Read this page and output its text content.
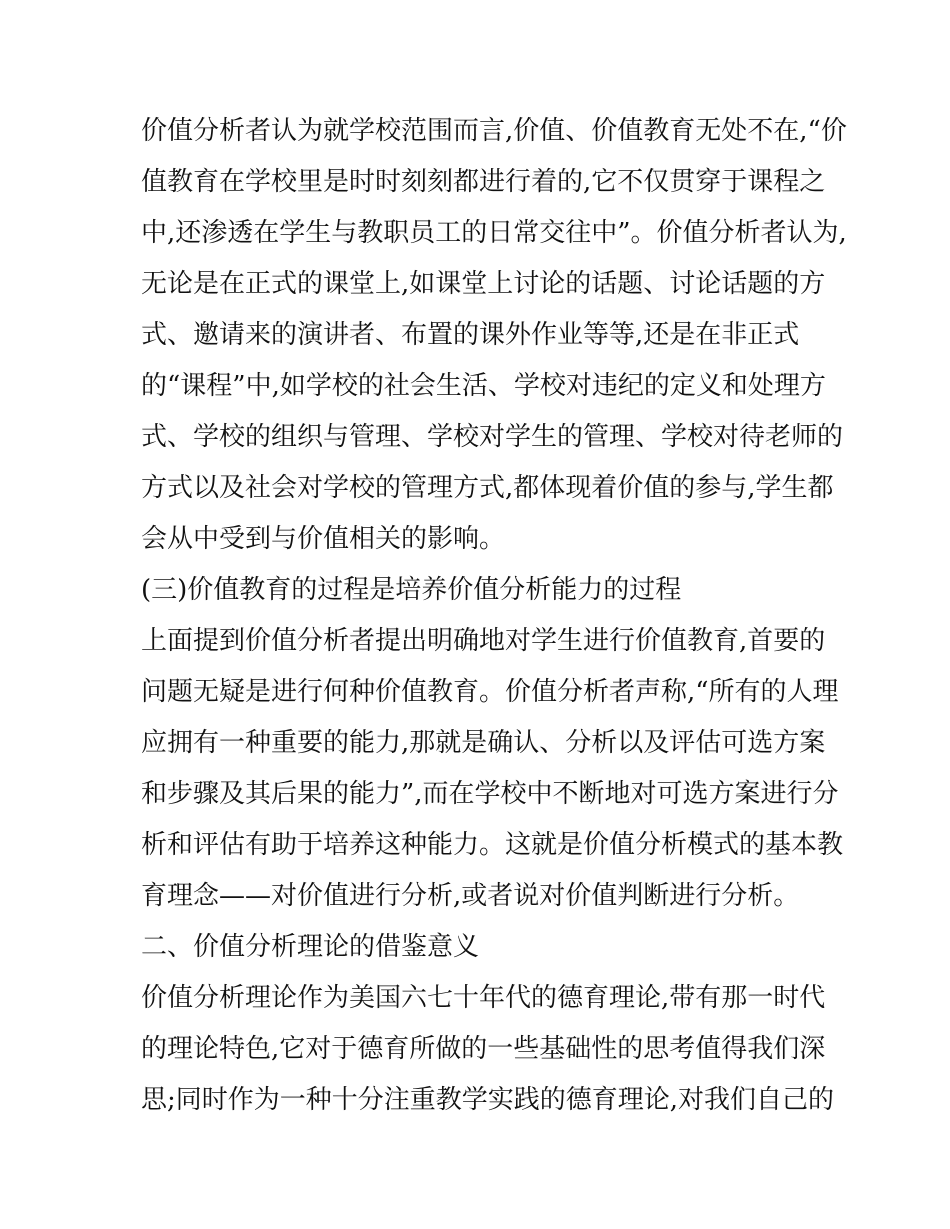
价值分析者认为就学校范围而言,价值、价值教育无处不在,“价
值教育在学校里是时时刻刻都进行着的,它不仅贯穿于课程之
中,还渗透在学生与教职员工的日常交往中”。价值分析者认为,
无论是在正式的课堂上,如课堂上讨论的话题、讨论话题的方
式、邀请来的演讲者、布置的课外作业等等,还是在非正式
的“课程”中,如学校的社会生活、学校对违纪的定义和处理方
式、学校的组织与管理、学校对学生的管理、学校对待老师的
方式以及社会对学校的管理方式,都体现着价值的参与,学生都
会从中受到与价值相关的影响。
(三)价值教育的过程是培养价值分析能力的过程
上面提到价值分析者提出明确地对学生进行价值教育,首要的
问题无疑是进行何种价值教育。价值分析者声称,“所有的人理
应拥有一种重要的能力,那就是确认、分析以及评估可选方案
和步骤及其后果的能力”,而在学校中不断地对可选方案进行分
析和评估有助于培养这种能力。这就是价值分析模式的基本教
育理念——对价值进行分析,或者说对价值判断进行分析。
二、价值分析理论的借鉴意义
价值分析理论作为美国六七十年代的德育理论,带有那一时代
的理论特色,它对于德育所做的一些基础性的思考值得我们深
思;同时作为一种十分注重教学实践的德育理论,对我们自己的
